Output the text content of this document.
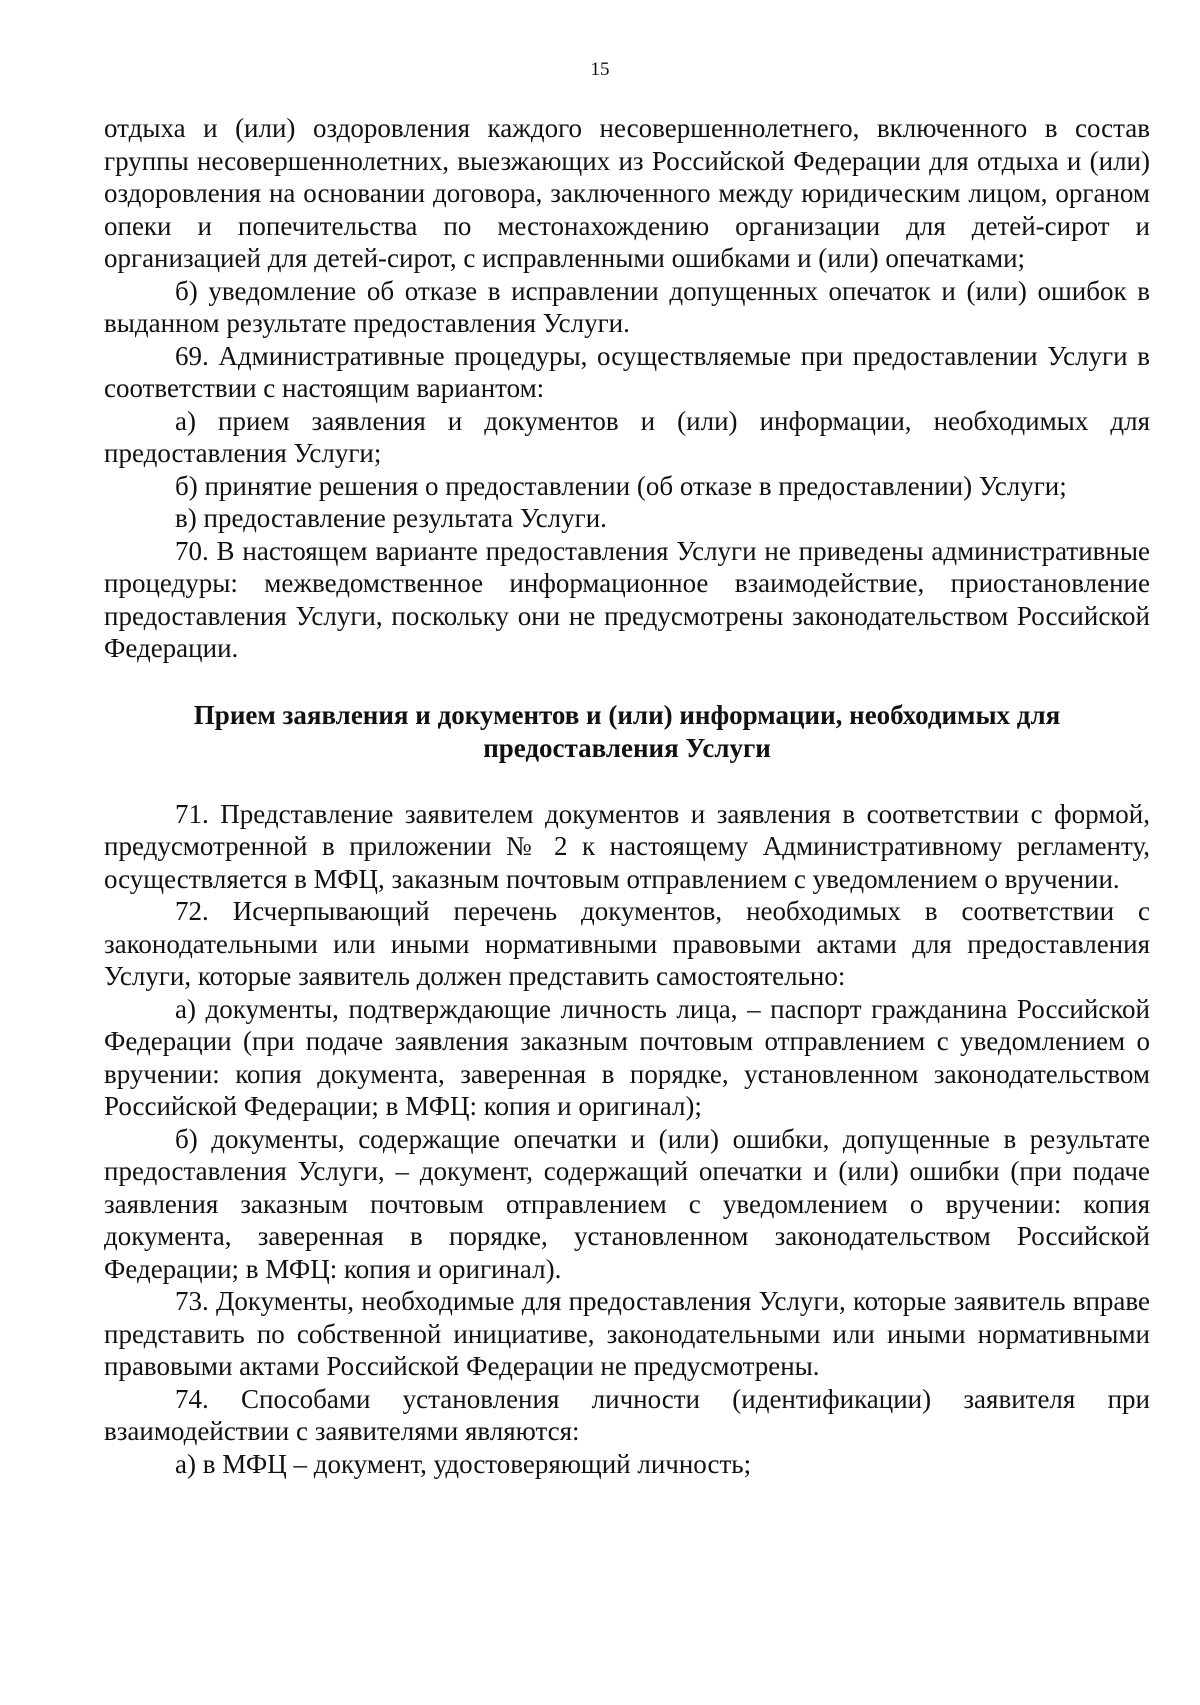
15

отдыха и (или) оздоровления каждого несовершеннолетнего, включенного в состав группы несовершеннолетних, выезжающих из Российской Федерации для отдыха и (или) оздоровления на основании договора, заключенного между юридическим лицом, органом опеки и попечительства по местонахождению организации для детей-сирот и организацией для детей-сирот, с исправленными ошибками и (или) опечатками;

б) уведомление об отказе в исправлении допущенных опечаток и (или) ошибок в выданном результате предоставления Услуги.

69. Административные процедуры, осуществляемые при предоставлении Услуги в соответствии с настоящим вариантом:

а) прием заявления и документов и (или) информации, необходимых для предоставления Услуги;

б) принятие решения о предоставлении (об отказе в предоставлении) Услуги;

в) предоставление результата Услуги.

70. В настоящем варианте предоставления Услуги не приведены административные процедуры: межведомственное информационное взаимодействие, приостановление предоставления Услуги, поскольку они не предусмотрены законодательством Российской Федерации.

Прием заявления и документов и (или) информации, необходимых для предоставления Услуги

71. Представление заявителем документов и заявления в соответствии с формой, предусмотренной в приложении № 2 к настоящему Административному регламенту, осуществляется в МФЦ, заказным почтовым отправлением с уведомлением о вручении.

72. Исчерпывающий перечень документов, необходимых в соответствии с законодательными или иными нормативными правовыми актами для предоставления Услуги, которые заявитель должен представить самостоятельно:

а) документы, подтверждающие личность лица, – паспорт гражданина Российской Федерации (при подаче заявления заказным почтовым отправлением с уведомлением о вручении: копия документа, заверенная в порядке, установленном законодательством Российской Федерации; в МФЦ: копия и оригинал);

б) документы, содержащие опечатки и (или) ошибки, допущенные в результате предоставления Услуги, – документ, содержащий опечатки и (или) ошибки (при подаче заявления заказным почтовым отправлением с уведомлением о вручении: копия документа, заверенная в порядке, установленном законодательством Российской Федерации; в МФЦ: копия и оригинал).

73. Документы, необходимые для предоставления Услуги, которые заявитель вправе представить по собственной инициативе, законодательными или иными нормативными правовыми актами Российской Федерации не предусмотрены.

74. Способами установления личности (идентификации) заявителя при взаимодействии с заявителями являются:

а) в МФЦ – документ, удостоверяющий личность;
